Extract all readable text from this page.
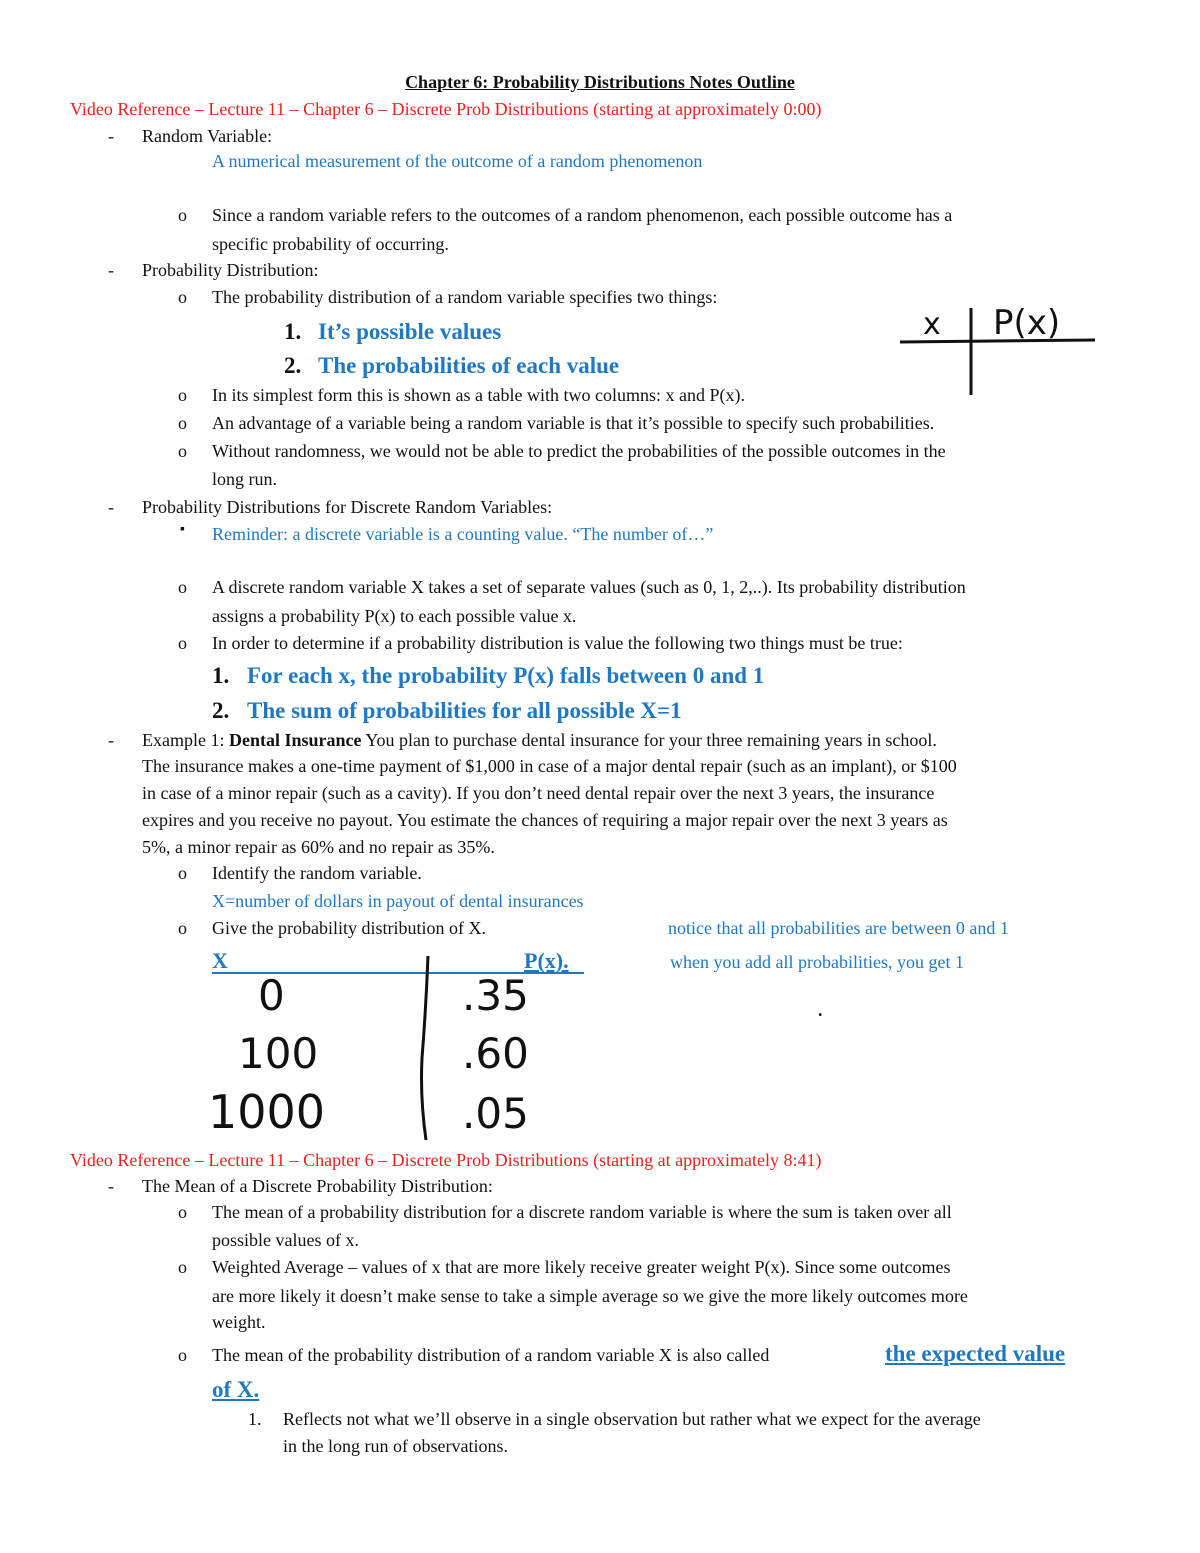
Chapter 6: Probability Distributions Notes Outline
Video Reference – Lecture 11 – Chapter 6 – Discrete Prob Distributions (starting at approximately 0:00)
- Random Variable:
A numerical measurement of the outcome of a random phenomenon
o Since a random variable refers to the outcomes of a random phenomenon, each possible outcome has a
specific probability of occurring.
- Probability Distribution:
o The probability distribution of a random variable specifies two things:
1. It’s possible values
2. The probabilities of each value
x P(x)
o In its simplest form this is shown as a table with two columns: x and P(x).
o An advantage of a variable being a random variable is that it’s possible to specify such probabilities.
o Without randomness, we would not be able to predict the probabilities of the possible outcomes in the
long run.
- Probability Distributions for Discrete Random Variables:
▪ Reminder: a discrete variable is a counting value. “The number of…”
o A discrete random variable X takes a set of separate values (such as 0, 1, 2,..). Its probability distribution
assigns a probability P(x) to each possible value x.
o In order to determine if a probability distribution is value the following two things must be true:
1. For each x, the probability P(x) falls between 0 and 1
2. The sum of probabilities for all possible X=1
- Example 1: Dental Insurance You plan to purchase dental insurance for your three remaining years in school.
The insurance makes a one-time payment of $1,000 in case of a major dental repair (such as an implant), or $100
in case of a minor repair (such as a cavity). If you don’t need dental repair over the next 3 years, the insurance
expires and you receive no payout. You estimate the chances of requiring a major repair over the next 3 years as
5%, a minor repair as 60% and no repair as 35%.
o Identify the random variable.
X=number of dollars in payout of dental insurances
o Give the probability distribution of X.	notice that all probabilities are between 0 and 1
when you add all probabilities, you get 1
.
X	P(x).
0	.35
100	.60
1000	.05
Video Reference – Lecture 11 – Chapter 6 – Discrete Prob Distributions (starting at approximately 8:41)
- The Mean of a Discrete Probability Distribution:
o The mean of a probability distribution for a discrete random variable is where the sum is taken over all
possible values of x.
o Weighted Average – values of x that are more likely receive greater weight P(x). Since some outcomes
are more likely it doesn’t make sense to take a simple average so we give the more likely outcomes more
weight.
o The mean of the probability distribution of a random variable X is also called	the expected value
of X.
1. Reflects not what we’ll observe in a single observation but rather what we expect for the average
in the long run of observations.
